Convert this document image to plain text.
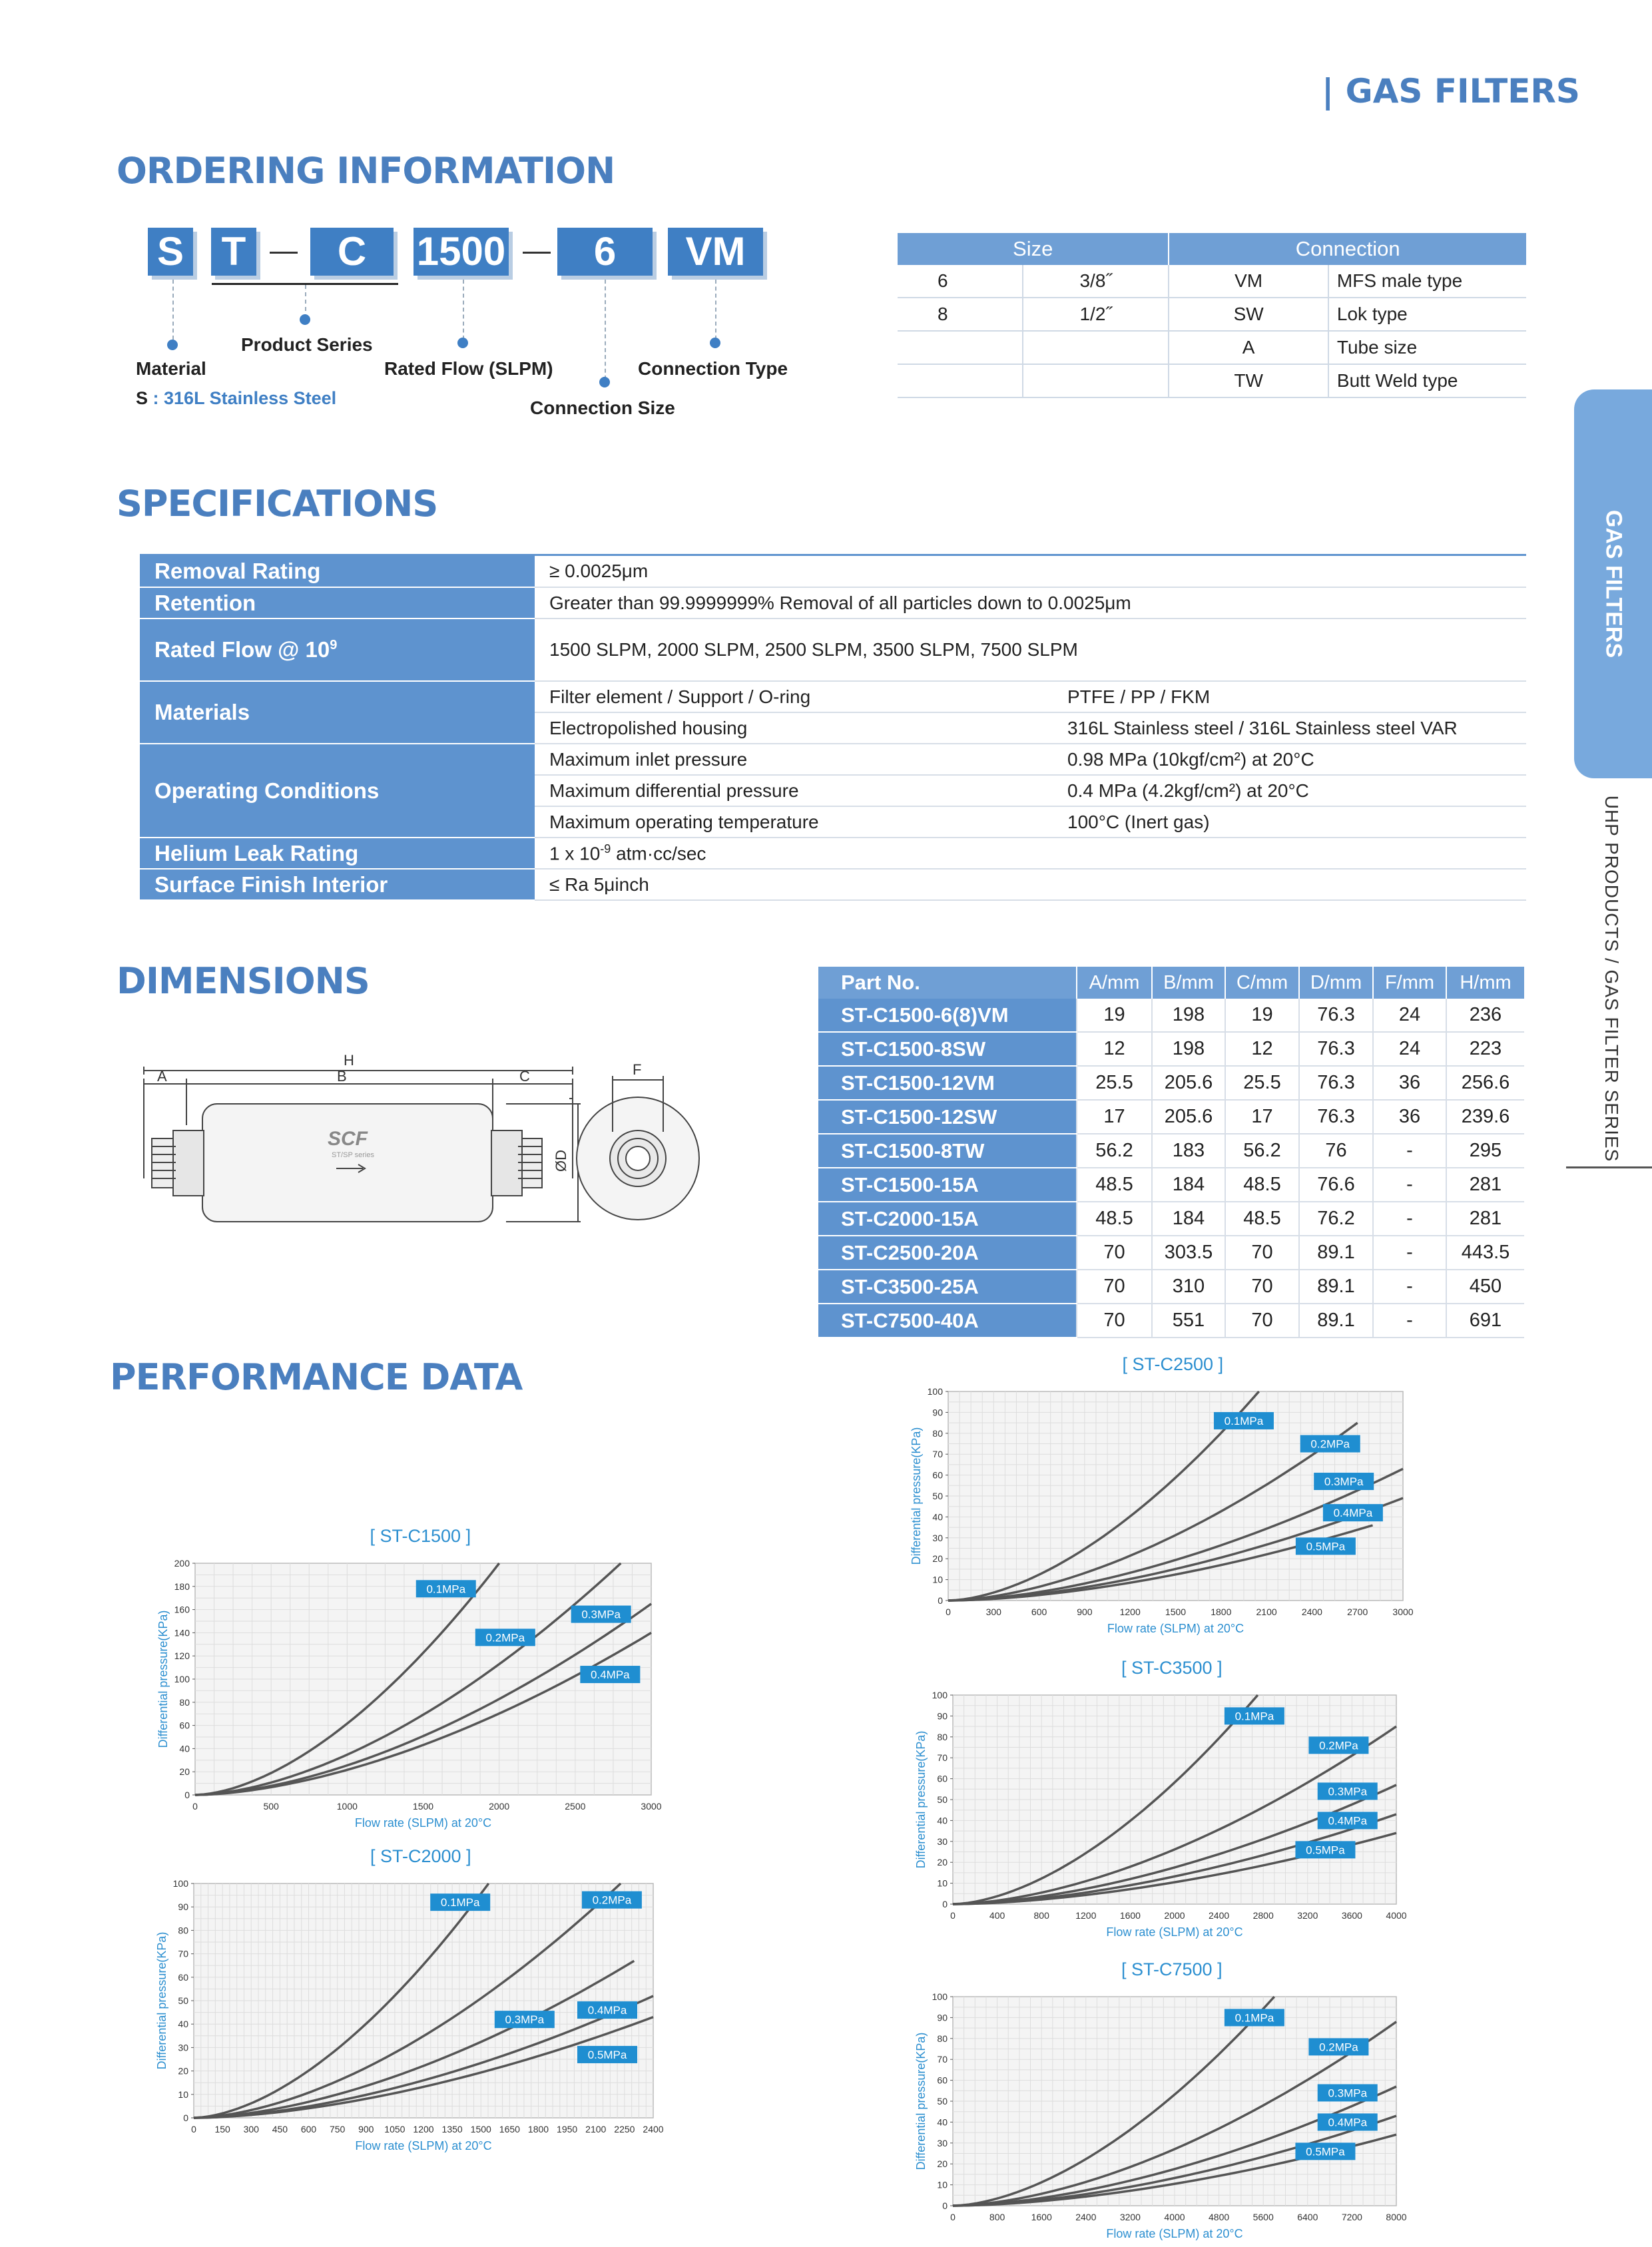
| GAS FILTERS
GAS FILTERS
UHP PRODUCTS / GAS FILTER SERIES
ORDERING INFORMATION
S T	C	1500	6	VM
Product Series
Material	Rated Flow (SLPM)	Connection Type
Connection Size
S : 316L Stainless Steel
Size		Connection	
6	3/8˝	VM	MFS male type
8	1/2˝	SW	Lok type
		A	Tube size
		TW	Butt Weld type
SPECIFICATIONS
Removal Rating	≥ 0.0025μm	
Retention	Greater than 99.9999999% Removal of all particles down to 0.0025μm	
Rated Flow @ $10^9$	1500 SLPM, 2000 SLPM, 2500 SLPM, 3500 SLPM, 7500 SLPM	
Materials	Filter element / Support / O-ring	PTFE / PP / FKM
	Electropolished housing	316L Stainless steel / 316L Stainless steel VAR
Operating Conditions	Maximum inlet pressure	0.98 MPa (10kgf/cm²) at 20°C
	Maximum differential pressure	0.4 MPa (4.2kgf/cm²) at 20°C
	Maximum operating temperature	100°C (Inert gas)
Helium Leak Rating	1 x $10^{-9}$ atm·cc/sec	
Surface Finish Interior	≤ Ra 5μinch	
DIMENSIONS
H
A	B	C	F
ØD
SCF
ST/SP series
Part No.	A/mm	B/mm	C/mm	D/mm	F/mm	H/mm
ST-C1500-6(8)VM	19	198	19	76.3	24	236
ST-C1500-8SW	12	198	12	76.3	24	223
ST-C1500-12VM	25.5	205.6	25.5	76.3	36	256.6
ST-C1500-12SW	17	205.6	17	76.3	36	239.6
ST-C1500-8TW	56.2	183	56.2	76	-	295
ST-C1500-15A	48.5	184	48.5	76.6	-	281
ST-C2000-15A	48.5	184	48.5	76.2	-	281
ST-C2500-20A	70	303.5	70	89.1	-	443.5
ST-C3500-25A	70	310	70	89.1	-	450
ST-C7500-40A	70	551	70	89.1	-	691
PERFORMANCE DATA
[ ST-C1500 ]
0	500	1000	1500	2000	2500	3000
0
20
40
60
80
100
120
140
160
180
200
Flow rate (SLPM) at 20°C
Differential pressure(KPa)
0.1MPa
0.2MPa
0.3MPa
0.4MPa
[ ST-C2000 ]
0 150 300 450 600 750 900 1050 1200 1350 1500 1650 1800 1950 2100 2250 2400
0
10
20
30
40
50
60
70
80
90
100
Flow rate (SLPM) at 20°C
Differential pressure(KPa)
0.1MPa	0.2MPa
0.3MPa
0.4MPa
0.5MPa
[ ST-C2500 ]
0	300	600	900	1200	1500	1800	2100	2400	2700	3000
0
10
20
30
40
50
60
70
80
90
100
Flow rate (SLPM) at 20°C
Differential pressure(KPa)
0.1MPa
0.2MPa
0.3MPa
0.4MPa
0.5MPa
[ ST-C3500 ]
0	400	800	1200	1600	2000	2400	2800	3200	3600	4000
0
10
20
30
40
50
60
70
80
90
100
Flow rate (SLPM) at 20°C
Differential pressure(KPa)
0.1MPa
0.2MPa
0.3MPa
0.4MPa
0.5MPa
[ ST-C7500 ]
0	800	1600	2400	3200	4000	4800	5600	6400	7200	8000
0
10
20
30
40
50
60
70
80
90
100
Flow rate (SLPM) at 20°C
Differential pressure(KPa)
0.1MPa
0.2MPa
0.3MPa
0.4MPa
0.5MPa
